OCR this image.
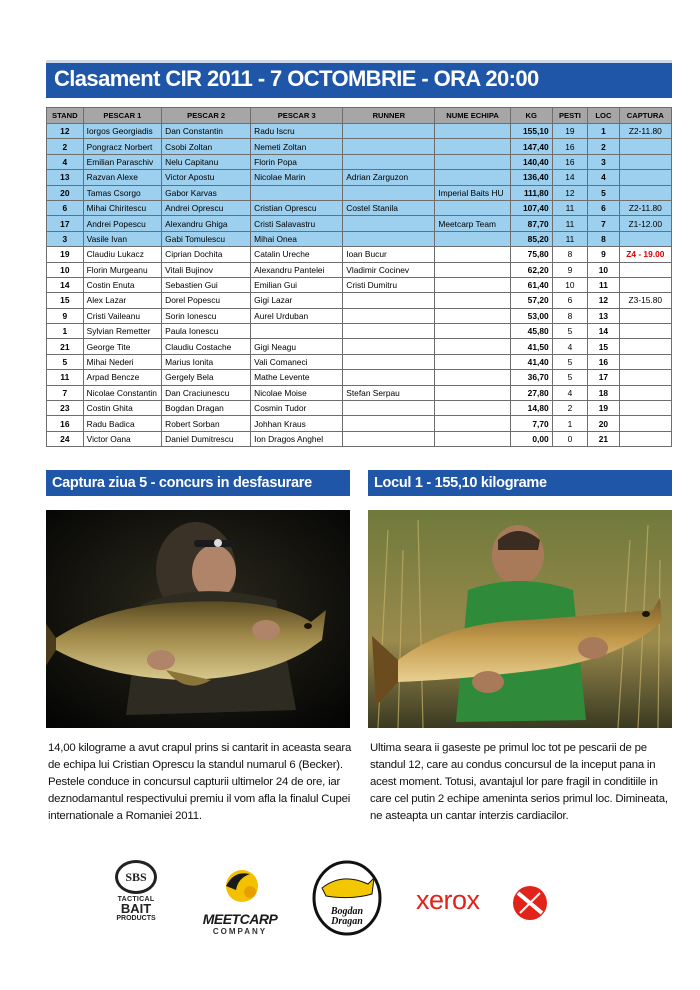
Clasament CIR 2011 - 7 OCTOMBRIE - ORA 20:00
STAND	PESCAR 1	PESCAR 2	PESCAR 3	RUNNER	NUME ECHIPA	KG	PESTI	LOC	CAPTURA
12	Iorgos Georgiadis	Dan Constantin	Radu Iscru			155,10	19	1	Z2-11.80
2	Pongracz Norbert	Csobi Zoltan	Nemeti Zoltan			147,40	16	2	
4	Emilian Paraschiv	Nelu Capitanu	Florin Popa			140,40	16	3	
13	Razvan Alexe	Victor Apostu	Nicolae Marin	Adrian Zarguzon		136,40	14	4	
20	Tamas Csorgo	Gabor Karvas			Imperial Baits HU	111,80	12	5	
6	Mihai Chiritescu	Andrei Oprescu	Cristian Oprescu	Costel Stanila		107,40	11	6	Z2-11.80
17	Andrei Popescu	Alexandru Ghiga	Cristi Salavastru		Meetcarp Team	87,70	11	7	Z1-12.00
3	Vasile Ivan	Gabi Tomulescu	Mihai Onea			85,20	11	8	
19	Claudiu Lukacz	Ciprian Dochita	Catalin Ureche	Ioan Bucur		75,80	8	9	Z4 - 19.00
10	Florin Murgeanu	Vitali Bujinov	Alexandru Pantelei	Vladimir Cocinev		62,20	9	10	
14	Costin Enuta	Sebastien Gui	Emilian Gui	Cristi Dumitru		61,40	10	11	
15	Alex Lazar	Dorel Popescu	Gigi Lazar			57,20	6	12	Z3-15.80
9	Cristi Vaileanu	Sorin Ionescu	Aurel Urduban			53,00	8	13	
1	Sylvian Remetter	Paula Ionescu				45,80	5	14	
21	George Tite	Claudiu Costache	Gigi Neagu			41,50	4	15	
5	Mihai Nederi	Marius Ionita	Vali Comaneci			41,40	5	16	
11	Arpad Bencze	Gergely Bela	Mathe Levente			36,70	5	17	
7	Nicolae Constantin	Dan Craciunescu	Nicolae Moise	Stefan Serpau		27,80	4	18	
23	Costin Ghita	Bogdan Dragan	Cosmin Tudor			14,80	2	19	
16	Radu Badica	Robert Sorban	Johhan Kraus			7,70	1	20	
24	Victor Oana	Daniel Dumitrescu	Ion Dragos Anghel			0,00	0	21	
Captura ziua 5 - concurs in desfasurare
14,00 kilograme a avut crapul prins si cantarit in aceasta seara de echipa lui Cristian Oprescu la standul numarul 6 (Becker). Pestele conduce in concursul capturii ultimelor 24 de ore, iar deznodamantul respectivului premiu il vom afla la finalul Cupei internationale a Romaniei 2011.
Locul 1 - 155,10 kilograme
Ultima seara ii gaseste pe primul loc tot pe pescarii de pe standul 12, care au condus concursul de la inceput pana in acest moment. Totusi, avantajul lor pare fragil in conditiile in care cel putin 2 echipe ameninta serios primul loc. Dimineata, ne asteapta un cantar interzis cardiacilor.
SBS
TACTICAL
BAIT
PRODUCTS	MEETCARP
COMPANY
Bogdan
Dragan
xerox
